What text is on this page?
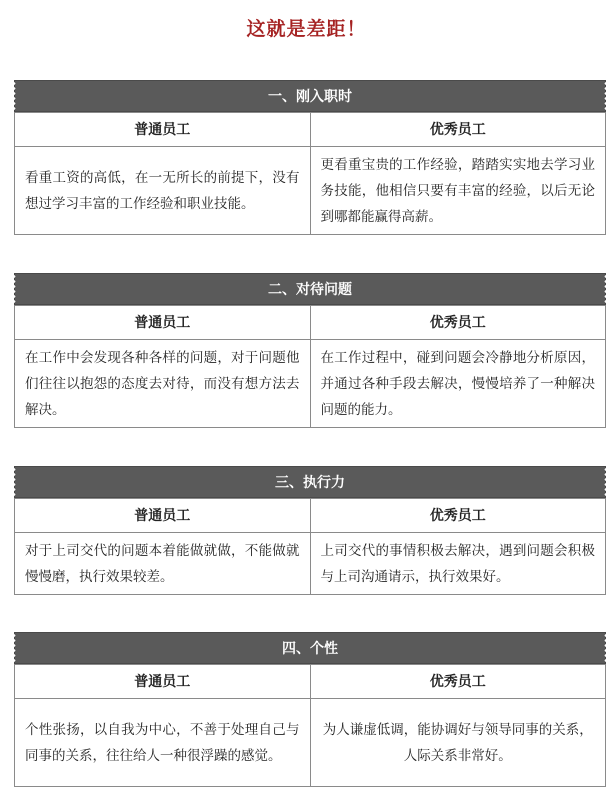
这就是差距！
一、刚入职时
普通员工	优秀员工
看重工资的高低，在一无所长的前提下，没有想过学习丰富的工作经验和职业技能。	更看重宝贵的工作经验，踏踏实实地去学习业务技能，他相信只要有丰富的经验，以后无论到哪都能赢得高薪。
二、对待问题
普通员工	优秀员工
在工作中会发现各种各样的问题，对于问题他们往往以抱怨的态度去对待，而没有想方法去解决。	在工作过程中，碰到问题会冷静地分析原因，并通过各种手段去解决，慢慢培养了一种解决问题的能力。
三、执行力
普通员工	优秀员工
对于上司交代的问题本着能做就做，不能做就慢慢磨，执行效果较差。	上司交代的事情积极去解决，遇到问题会积极与上司沟通请示，执行效果好。
四、个性
普通员工	优秀员工
个性张扬，以自我为中心，不善于处理自己与同事的关系，往往给人一种很浮躁的感觉。	为人谦虚低调，能协调好与领导同事的关系，人际关系非常好。
